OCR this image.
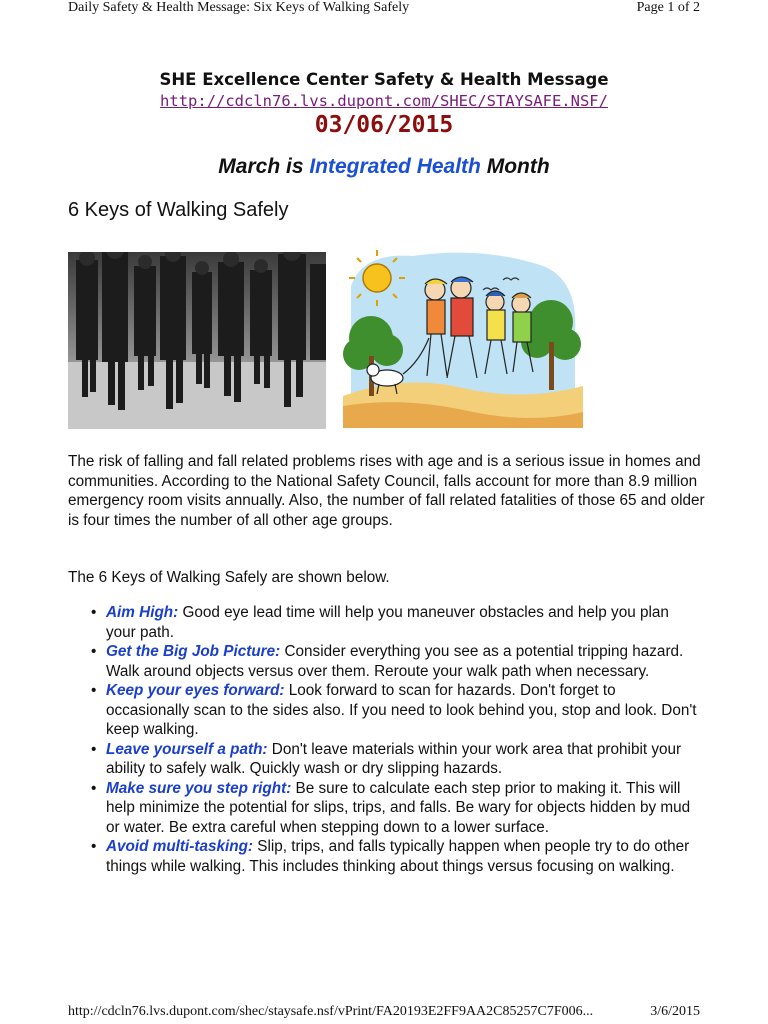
Daily Safety & Health Message: Six Keys of Walking Safely	Page 1 of 2
SHE Excellence Center Safety & Health Message
http://cdcln76.lvs.dupont.com/SHEC/STAYSAFE.NSF/
03/06/2015
March is Integrated Health Month
6 Keys of Walking Safely

The risk of falling and fall related problems rises with age and is a serious issue in homes and communities. According to the National Safety Council, falls account for more than 8.9 million emergency room visits annually. Also, the number of fall related fatalities of those 65 and older is four times the number of all other age groups.

The 6 Keys of Walking Safely are shown below.

• Aim High: Good eye lead time will help you maneuver obstacles and help you plan your path.
• Get the Big Job Picture: Consider everything you see as a potential tripping hazard. Walk around objects versus over them. Reroute your walk path when necessary.
• Keep your eyes forward: Look forward to scan for hazards. Don't forget to occasionally scan to the sides also. If you need to look behind you, stop and look. Don't keep walking.
• Leave yourself a path: Don't leave materials within your work area that prohibit your ability to safely walk. Quickly wash or dry slipping hazards.
• Make sure you step right: Be sure to calculate each step prior to making it. This will help minimize the potential for slips, trips, and falls. Be wary for objects hidden by mud or water. Be extra careful when stepping down to a lower surface.
• Avoid multi-tasking: Slip, trips, and falls typically happen when people try to do other things while walking. This includes thinking about things versus focusing on walking.
http://cdcln76.lvs.dupont.com/shec/staysafe.nsf/vPrint/FA20193E2FF9AA2C85257C7F006...	3/6/2015
